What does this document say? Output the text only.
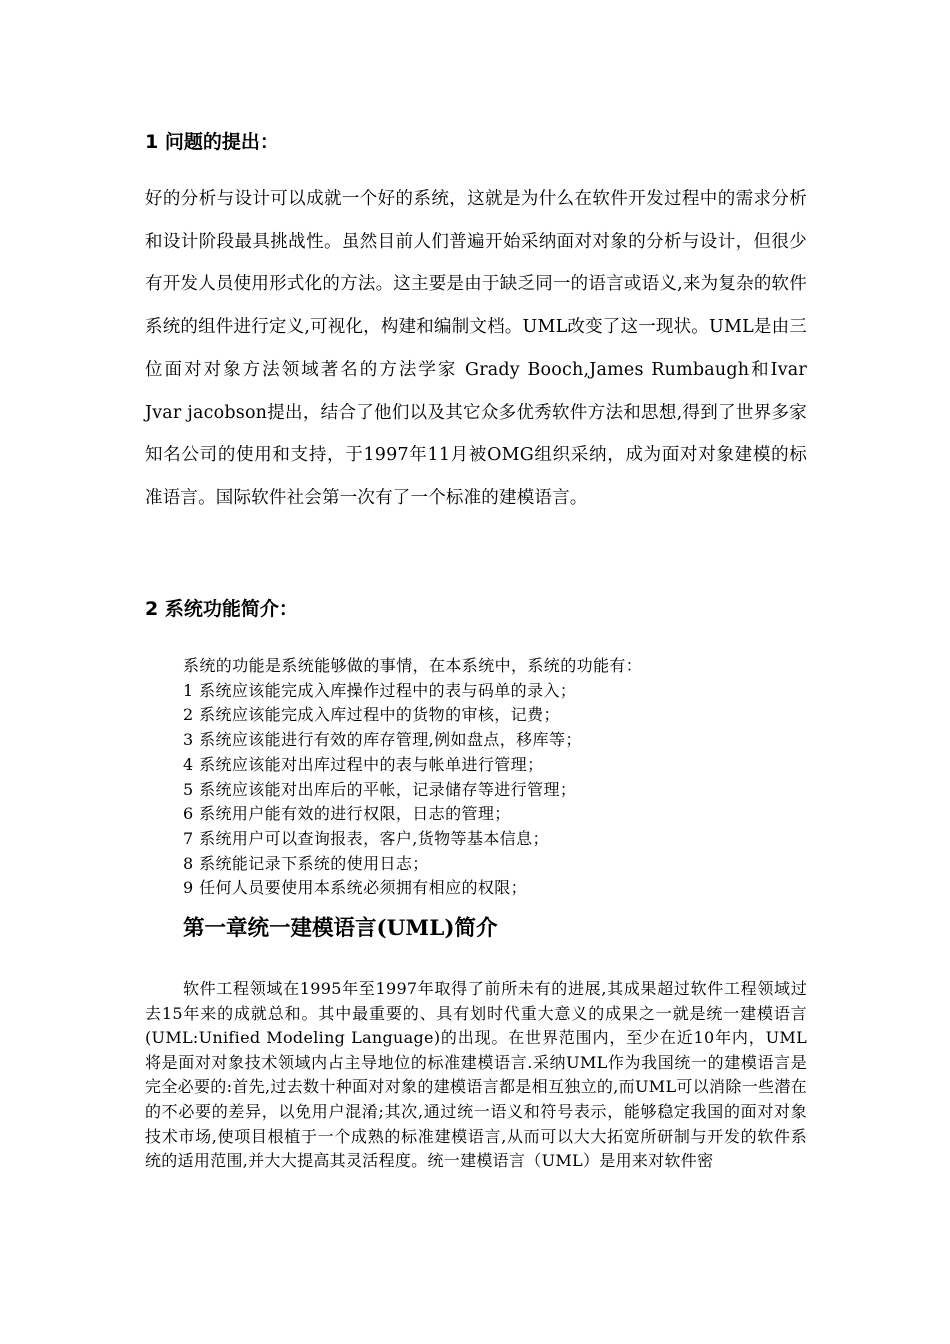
1 问题的提出：

好的分析与设计可以成就一个好的系统，这就是为什么在软件开发过程中的需求分析和设计阶段最具挑战性。虽然目前人们普遍开始采纳面对对象的分析与设计，但很少有开发人员使用形式化的方法。这主要是由于缺乏同一的语言或语义,来为复杂的软件系统的组件进行定义,可视化，构建和编制文档。UML改变了这一现状。UML是由三位面对对象方法领域著名的方法学家 Grady Booch,James Rumbaugh和Ivar Jvar jacobson提出，结合了他们以及其它众多优秀软件方法和思想,得到了世界多家知名公司的使用和支持，于1997年11月被OMG组织采纳，成为面对对象建模的标准语言。国际软件社会第一次有了一个标准的建模语言。

2 系统功能简介：
系统的功能是系统能够做的事情，在本系统中，系统的功能有：
1 系统应该能完成入库操作过程中的表与码单的录入；
2 系统应该能完成入库过程中的货物的审核，记费；
3 系统应该能进行有效的库存管理,例如盘点，移库等；
4 系统应该能对出库过程中的表与帐单进行管理；
5 系统应该能对出库后的平帐，记录储存等进行管理；
6 系统用户能有效的进行权限，日志的管理；
7 系统用户可以查询报表，客户,货物等基本信息；
8 系统能记录下系统的使用日志；
9 任何人员要使用本系统必须拥有相应的权限；
第一章统一建模语言(UML)简介

软件工程领域在1995年至1997年取得了前所未有的进展,其成果超过软件工程领域过去15年来的成就总和。其中最重要的、具有划时代重大意义的成果之一就是统一建模语言(UML:Unified Modeling Language)的出现。在世界范围内，至少在近10年内，UML将是面对对象技术领域内占主导地位的标准建模语言.采纳UML作为我国统一的建模语言是完全必要的:首先,过去数十种面对对象的建模语言都是相互独立的,而UML可以消除一些潜在的不必要的差异，以免用户混淆;其次,通过统一语义和符号表示，能够稳定我国的面对对象技术市场,使项目根植于一个成熟的标准建模语言,从而可以大大拓宽所研制与开发的软件系统的适用范围,并大大提高其灵活程度。统一建模语言（UML）是用来对软件密
